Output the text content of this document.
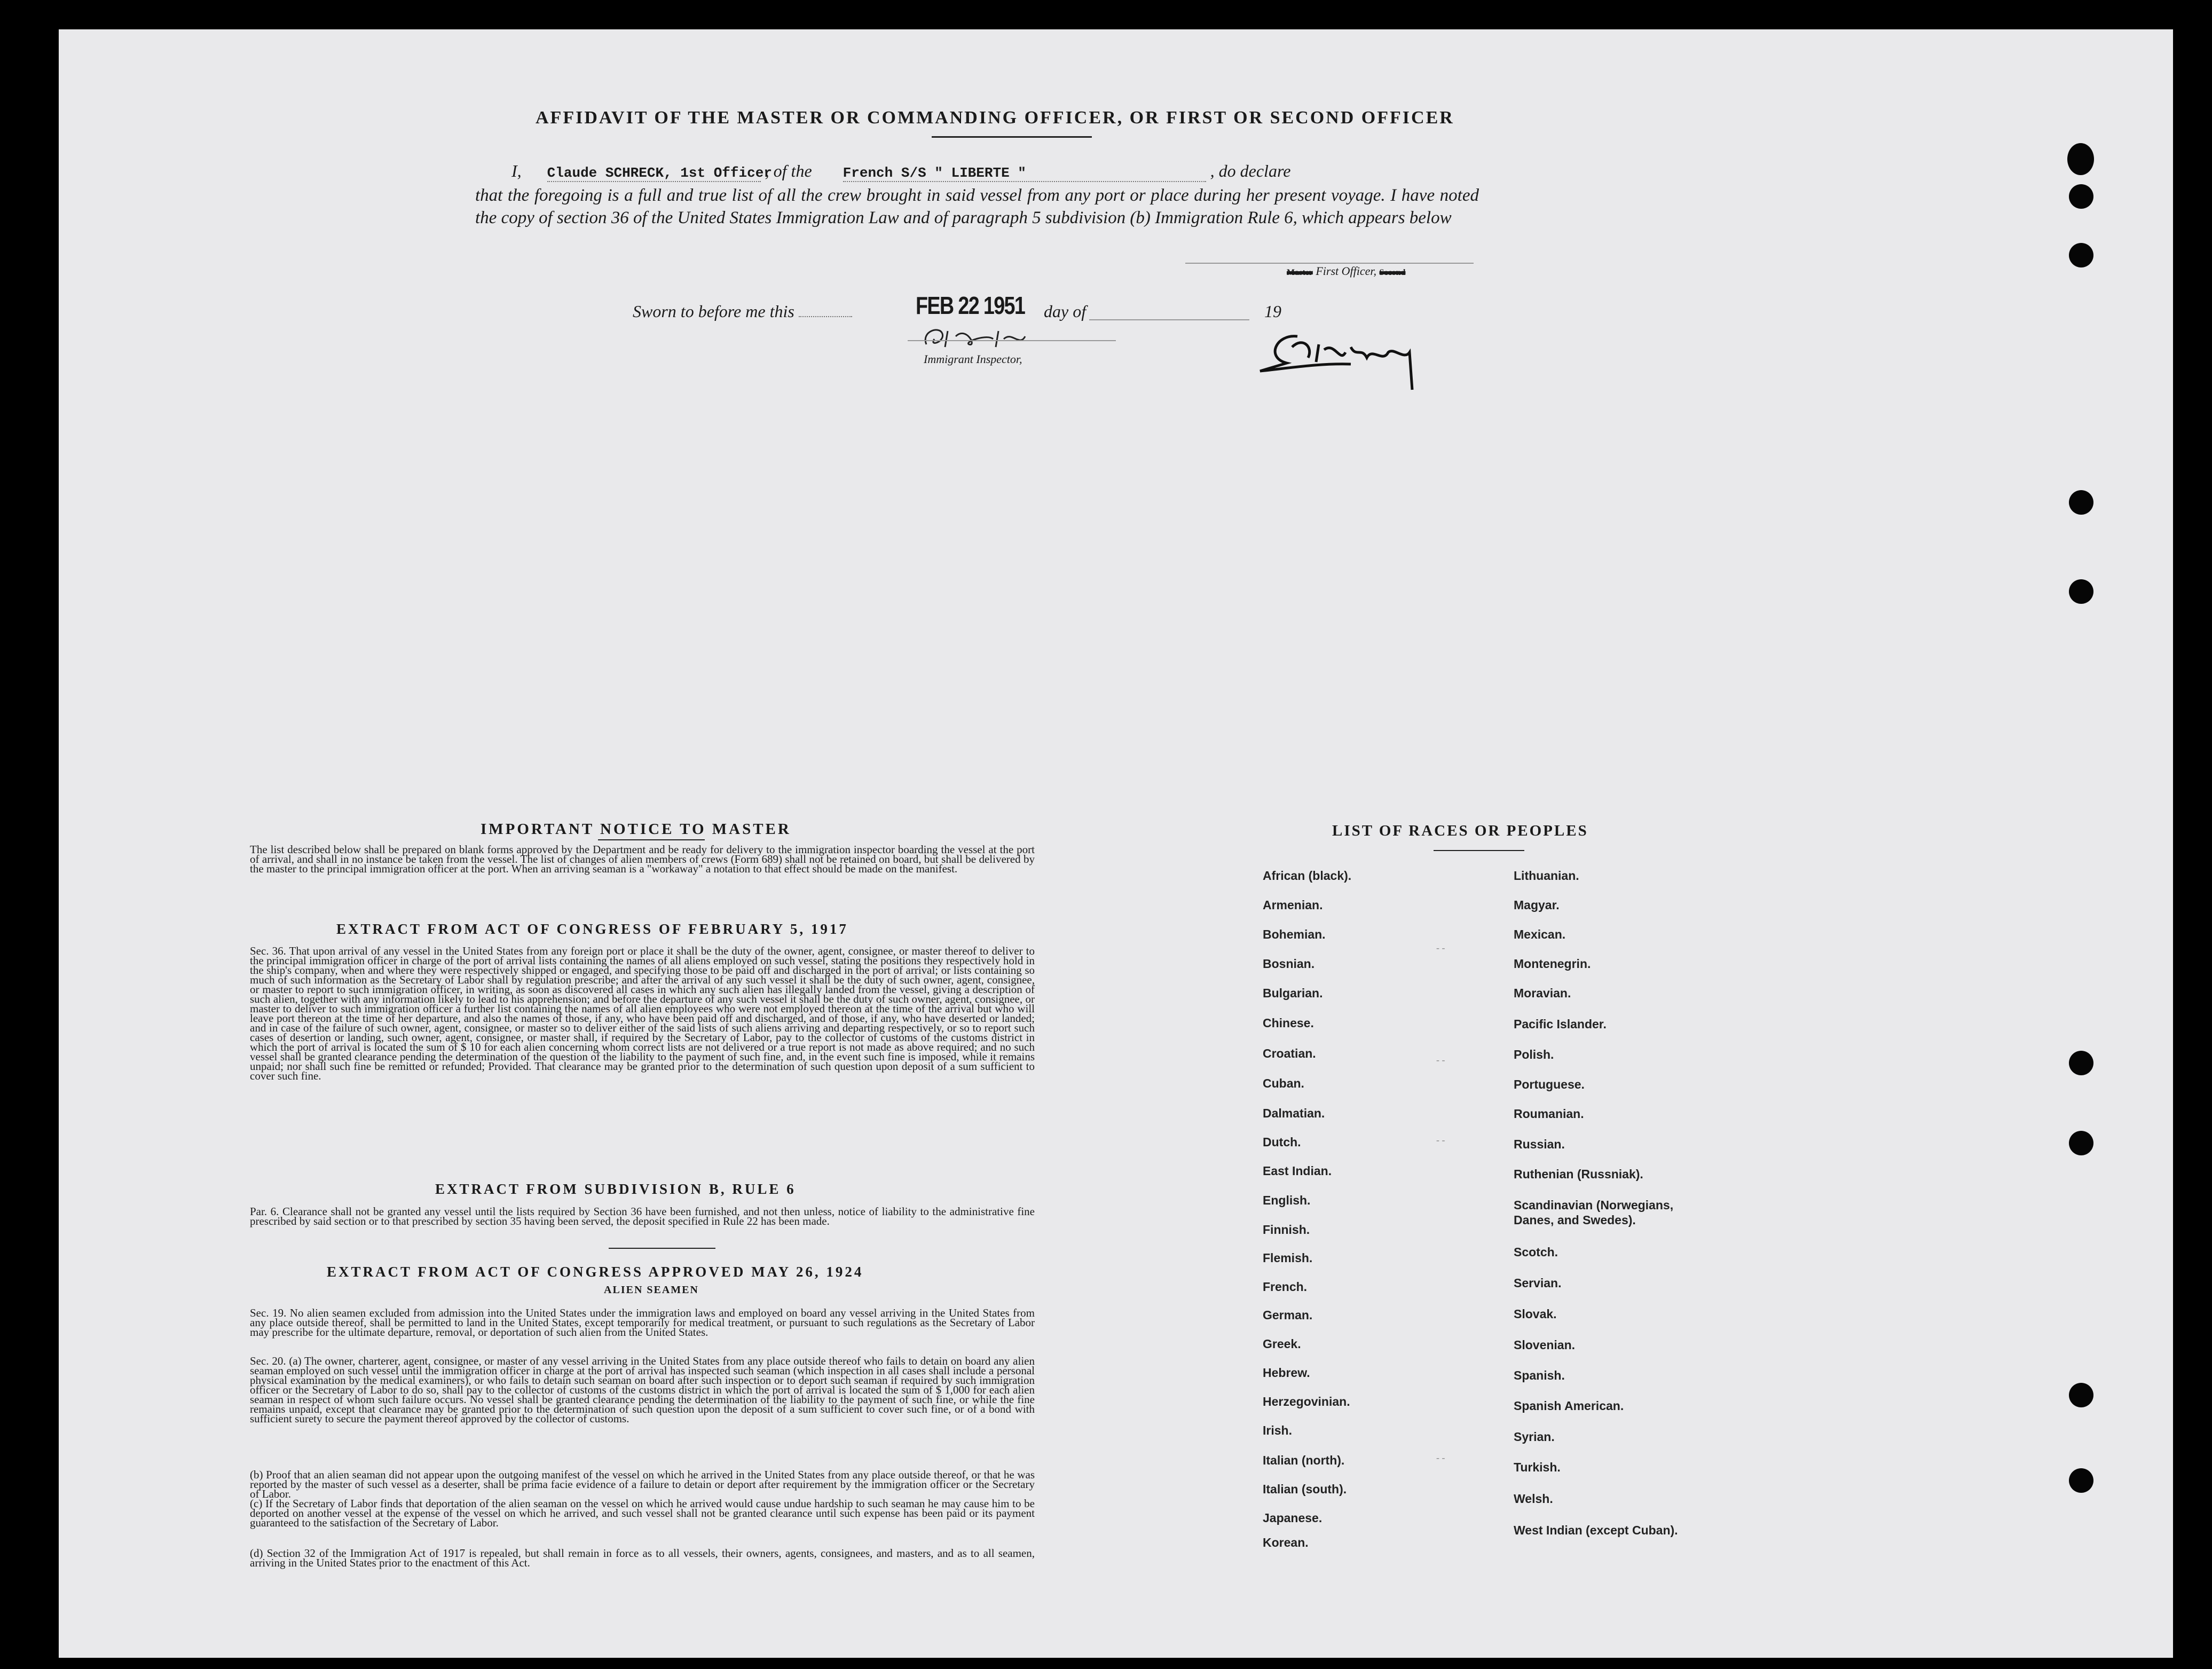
AFFIDAVIT OF THE MASTER OR COMMANDING OFFICER, OR FIRST OR SECOND OFFICER
I, Claude SCHRECK, 1st Officer , of the French S/S " LIBERTE "	, do declare
that the foregoing is a full and true list of all the crew brought in said vessel from any port or place during her present voyage. I have noted the copy of section 36 of the United States Immigration Law and of paragraph 5 subdivision (b) Immigration Rule 6, which appears below
Master First Officer, Second
Sworn to before me this	FEB 22 1951 day of	19
Immigrant Inspector,
IMPORTANT NOTICE TO MASTER
The list described below shall be prepared on blank forms approved by the Department and be ready for delivery to the immigration inspector boarding the vessel at the port of arrival, and shall in no instance be taken from the vessel. The list of changes of alien members of crews (Form 689) shall not be retained on board, but shall be delivered by the master to the principal immigration officer at the port. When an arriving seaman is a "workaway" a notation to that effect should be made on the manifest.
EXTRACT FROM ACT OF CONGRESS OF FEBRUARY 5, 1917
Sec. 36. That upon arrival of any vessel in the United States from any foreign port or place it shall be the duty of the owner, agent, consignee, or master thereof to deliver to the principal immigration officer in charge of the port of arrival lists containing the names of all aliens employed on such vessel, stating the positions they respectively hold in the ship's company, when and where they were respectively shipped or engaged, and specifying those to be paid off and discharged in the port of arrival; or lists containing so much of such information as the Secretary of Labor shall by regulation prescribe; and after the arrival of any such vessel it shall be the duty of such owner, agent, consignee, or master to report to such immigration officer, in writing, as soon as discovered all cases in which any such alien has illegally landed from the vessel, giving a description of such alien, together with any information likely to lead to his apprehension; and before the departure of any such vessel it shall be the duty of such owner, agent, consignee, or master to deliver to such immigration officer a further list containing the names of all alien employees who were not employed thereon at the time of the arrival but who will leave port thereon at the time of her departure, and also the names of those, if any, who have been paid off and discharged, and of those, if any, who have deserted or landed; and in case of the failure of such owner, agent, consignee, or master so to deliver either of the said lists of such aliens arriving and departing respectively, or so to report such cases of desertion or landing, such owner, agent, consignee, or master shall, if required by the Secretary of Labor, pay to the collector of customs of the customs district in which the port of arrival is located the sum of $ 10 for each alien concerning whom correct lists are not delivered or a true report is not made as above required; and no such vessel shall be granted clearance pending the determination of the question of the liability to the payment of such fine, and, in the event such fine is imposed, while it remains unpaid; nor shall such fine be remitted or refunded; Provided. That clearance may be granted prior to the determination of such question upon deposit of a sum sufficient to cover such fine.
EXTRACT FROM SUBDIVISION B, RULE 6
Par. 6. Clearance shall not be granted any vessel until the lists required by Section 36 have been furnished, and not then unless, notice of liability to the administrative fine prescribed by said section or to that prescribed by section 35 having been served, the deposit specified in Rule 22 has been made.
EXTRACT FROM ACT OF CONGRESS APPROVED MAY 26, 1924
ALIEN SEAMEN
Sec. 19. No alien seamen excluded from admission into the United States under the immigration laws and employed on board any vessel arriving in the United States from any place outside thereof, shall be permitted to land in the United States, except temporarily for medical treatment, or pursuant to such regulations as the Secretary of Labor may prescribe for the ultimate departure, removal, or deportation of such alien from the United States.
Sec. 20. (a) The owner, charterer, agent, consignee, or master of any vessel arriving in the United States from any place outside thereof who fails to detain on board any alien seaman employed on such vessel until the immigration officer in charge at the port of arrival has inspected such seaman (which inspection in all cases shall include a personal physical examination by the medical examiners), or who fails to detain such seaman on board after such inspection or to deport such seaman if required by such immigration officer or the Secretary of Labor to do so, shall pay to the collector of customs of the customs district in which the port of arrival is located the sum of $ 1,000 for each alien seaman in respect of whom such failure occurs. No vessel shall be granted clearance pending the determination of the liability to the payment of such fine, or while the fine remains unpaid, except that clearance may be granted prior to the determination of such question upon the deposit of a sum sufficient to cover such fine, or of a bond with sufficient surety to secure the payment thereof approved by the collector of customs.
(b) Proof that an alien seaman did not appear upon the outgoing manifest of the vessel on which he arrived in the United States from any place outside thereof, or that he was reported by the master of such vessel as a deserter, shall be prima facie evidence of a failure to detain or deport after requirement by the immigration officer or the Secretary of Labor.
(c) If the Secretary of Labor finds that deportation of the alien seaman on the vessel on which he arrived would cause undue hardship to such seaman he may cause him to be deported on another vessel at the expense of the vessel on which he arrived, and such vessel shall not be granted clearance until such expense has been paid or its payment guaranteed to the satisfaction of the Secretary of Labor.
(d) Section 32 of the Immigration Act of 1917 is repealed, but shall remain in force as to all vessels, their owners, agents, consignees, and masters, and as to all seamen, arriving in the United States prior to the enactment of this Act.
LIST OF RACES OR PEOPLES
African (black).
Armenian.
Bohemian.
Bosnian.
Bulgarian.
Chinese.
Croatian.
Cuban.
Dalmatian.
Dutch.
East Indian.
English.
Finnish.
Flemish.
French.
German.
Greek.
Hebrew.
Herzegovinian.
Irish.
Italian (north).
Italian (south).
Japanese.
Korean.
Lithuanian.
Magyar.
Mexican.
Montenegrin.
Moravian.
Pacific Islander.
Polish.
Portuguese.
Roumanian.
Russian.
Ruthenian (Russniak).
Scandinavian (Norwegians, Danes, and Swedes).
Scotch.
Servian.
Slovak.
Slovenian.
Spanish.
Spanish American.
Syrian.
Turkish.
Welsh.
West Indian (except Cuban).
- -
- -
- -
- -
